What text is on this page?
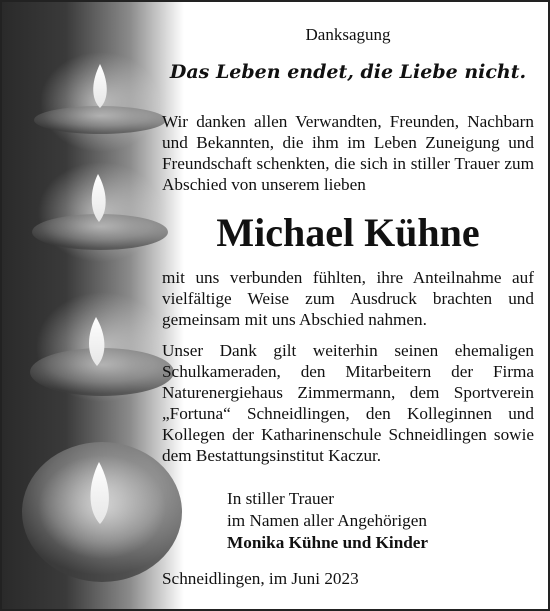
Danksagung
Das Leben endet, die Liebe nicht.
Wir danken allen Verwandten, Freunden, Nachbarn und Bekannten, die ihm im Leben Zuneigung und Freundschaft schenkten, die sich in stiller Trauer zum Abschied von unserem lieben
Michael Kühne
mit uns verbunden fühlten, ihre Anteilnahme auf vielfältige Weise zum Ausdruck brachten und gemeinsam mit uns Abschied nahmen.
Unser Dank gilt weiterhin seinen ehemaligen Schulkameraden, den Mitarbeitern der Firma Naturenergiehaus Zimmermann, dem Sportverein „Fortuna“ Schneidlingen, den Kolleginnen und Kollegen der Katharinenschule Schneidlingen sowie dem Bestattungsinstitut Kaczur.
In stiller Trauer
im Namen aller Angehörigen
Monika Kühne und Kinder
Schneidlingen, im Juni 2023
